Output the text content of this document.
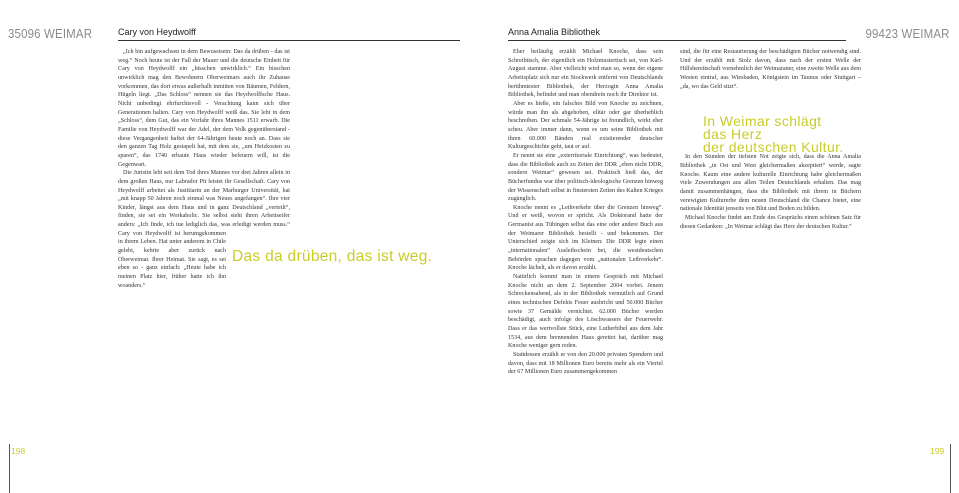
35096 WEIMAR	Cary von Heydwolff

„Ich bin aufgewachsen in dem Bewusstsein: Das da drüben - das ist weg.“ Noch heute ist der Fall der Mauer und die deutsche Einheit für Cary von Heydwolff ein „bisschen unwirklich.“ Ein bisschen unwirklich mag den Bewohnern Oberweimars auch ihr Zuhause vorkommen, das dort etwas außerhalb inmitten von Bäumen, Feldern, Hügeln liegt. „Das Schloss“ nennen sie das Heydwolffsche Haus. Nicht unbedingt ehrfurchtsvoll - Verachtung kann sich über Generationen halten. Cary von Heydwolff weiß das. Sie lebt in dem „Schloss“, dem Gut, das ein Vorfahr ihres Mannes 1511 erwarb. Die Familie von Heydwolff war der Adel, der dem Volk gegenüberstand - diese Vergangenheit haftet der 64-Jährigen heute noch an. Dass sie den ganzen Tag Holz gestapelt hat, mit dem sie, „um Heizkosten zu sparen“, das 1740 erbaute Haus wieder befeuern will, ist die Gegenwart.

Die Juristin lebt seit dem Tod ihres Mannes vor drei Jahren allein in dem großen Haus, nur Labrador Pit leistet ihr Gesellschaft. Cary von Heydwolff arbeitet als Justitiarin an der Marburger Universität, hat „mit knapp 50 Jahren noch einmal was Neues angefangen“. Ihre vier Kinder, längst aus dem Haus und in ganz Deutschland „verteilt“, finden, sie sei ein Workaholic. Sie selbst sieht ihren Arbeitseifer anders: „Ich finde, ich tue lediglich das, was erledigt werden muss.“ Cary von Heydwolff ist herumgekommen in ihrem Leben. Hat unter anderem in Chile gelebt, kehrte aber zurück nach Oberweimar. Ihrer Heimat. Sie sagt, es sei eben so - ganz einfach: „Heute habe ich meinen Platz hier, früher hatte ich ihn woanders.“

Das da drüben, das ist weg.
198
Anna Amalia Bibliothek	99423 WEIMAR

Eher beiläufig erzählt Michael Knoche, dass sein Schreibtisch, der eigentlich ein Holzmustertisch sei, von Karl-August stamme. Aber vielleicht wird man so, wenn der eigene Arbeitsplatz sich nur ein Stockwerk entfernt von Deutschlands berühmtester Bibliothek, der Herzogin Anna Amalia Bibliothek, befindet und man obendrein noch ihr Direktor ist.

Aber es hieße, ein falsches Bild von Knoche zu zeichnen, würde man ihn als abgehoben, elitär oder gar überheblich beschreiben. Der schmale 54-Jährige ist freundlich, wirkt eher scheu. Aber immer dann, wenn es um seine Bibliothek mit ihren 60.000 Bänden real existierender deutscher Kulturgeschichte geht, taut er auf.

Er nennt sie eine „exterritoriale Einrichtung“, was bedeutet, dass die Bibliothek auch zu Zeiten der DDR „eben nicht DDR, sondern Weimar“ gewesen sei. Praktisch hieß das, der Bücherfundus war über politisch-ideologische Grenzen hinweg der Wissenschaft selbst in finstersten Zeiten des Kalten Krieges zugänglich.

Knoche nennt es „Leihverkehr über die Grenzen hinweg“. Und er weiß, wovon er spricht. Als Doktorand hatte der Germanist aus Tübingen selbst das eine oder andere Buch aus der Weimarer Bibliothek bestellt - und bekommen. Der Unterschied zeigte sich im Kleinen: Die DDR legte einen „internationalen“ Ausleihschein bei, die westdeutschen Behörden sprachen dagegen vom „nationalen Leihverkehr“. Knoche lächelt, als er davon erzählt.

Natürlich kommt man in einem Gespräch mit Michael Knoche nicht an dem 2. September 2004 vorbei. Jenem Schreckensabend, als in der Bibliothek vermutlich auf Grund eines technischen Defekts Feuer ausbricht und 50.000 Bücher sowie 37 Gemälde vernichtet. 62.000 Bücher werden beschädigt, auch infolge des Löschwassers der Feuerwehr. Dass er das wertvollste Stück, eine Lutherbibel aus dem Jahr 1534, aus dem brennenden Haus gerettet hat, darüber mag Knoche weniger gern reden.

Stattdessen erzählt er von den 20.000 privaten Spendern und davon, dass mit 18 Millionen Euro bereits mehr als ein Viertel der 67 Millionen Euro zusammengekommen

sind, die für eine Restaurierung der beschädigten Bücher notwendig sind. Und der erzählt mit Stolz davon, dass nach der ersten Welle der Hilfsbereitschaft vornehmlich der Weimaraner, eine zweite Welle aus dem Westen eintraf, aus Wiesbaden, Königstein im Taunus oder Stuttgart – „da, wo das Geld sitzt“.

In den Stunden der tiefsten Not zeigte sich, dass die Anna Amalia Bibliothek „in Ost und West gleichermaßen akzeptiert“ werde, sagte Knoche. Kaum eine andere kulturelle Einrichtung habe gleichermaßen viele Zuwendungen aus allen Teilen Deutschlands erhalten. Das mag damit zusammenhängen, dass die Bibliothek mit ihrem in Büchern verewigten Kulturerbe dem neuen Deutschland die Chance bietet, eine nationale Identität jenseits von Blut und Boden zu bilden.

Michael Knoche findet am Ende des Gesprächs einen schönen Satz für diesen Gedanken: „In Weimar schlägt das Herz der deutschen Kultur.“

In Weimar schlägt
das Herz
der deutschen Kultur.
199
